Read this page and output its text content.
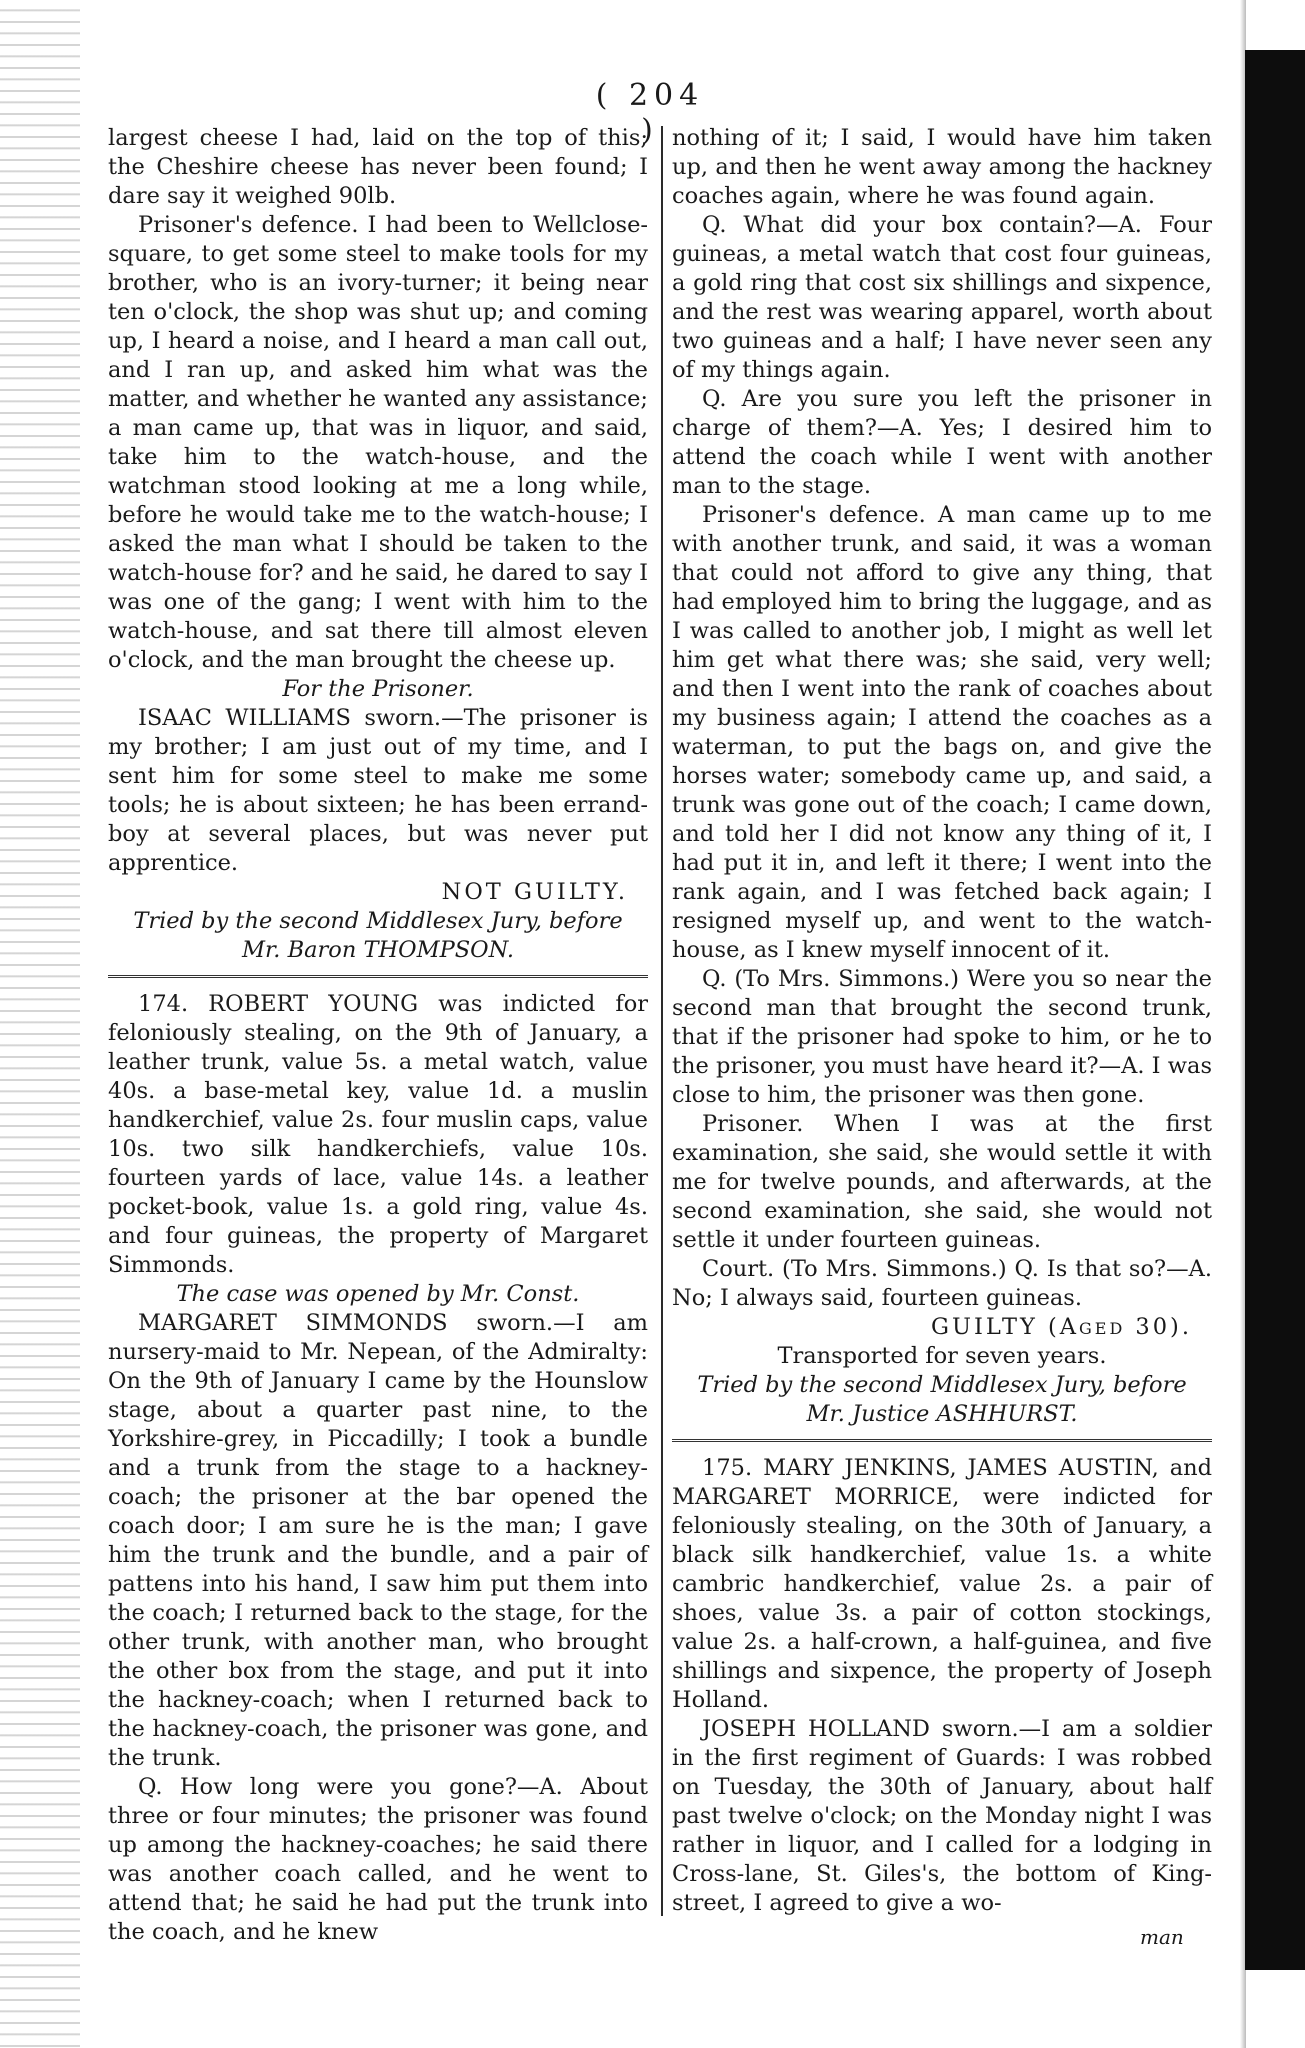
( 204 )

largest cheese I had, laid on the top of this; the Cheshire cheese has never been found; I dare say it weighed 90lb.

Prisoner's defence. I had been to Wellclose-square, to get some steel to make tools for my brother, who is an ivory-turner; it being near ten o'clock, the shop was shut up; and coming up, I heard a noise, and I heard a man call out, and I ran up, and asked him what was the matter, and whether he wanted any assistance; a man came up, that was in liquor, and said, take him to the watch-house, and the watchman stood looking at me a long while, before he would take me to the watch-house; I asked the man what I should be taken to the watch-house for? and he said, he dared to say I was one of the gang; I went with him to the watch-house, and sat there till almost eleven o'clock, and the man brought the cheese up.

For the Prisoner.

ISAAC WILLIAMS sworn.—The prisoner is my brother; I am just out of my time, and I sent him for some steel to make me some tools; he is about sixteen; he has been errand-boy at several places, but was never put apprentice.

NOT GUILTY.

Tried by the second Middlesex Jury, before

Mr. Baron THOMPSON.

174. ROBERT YOUNG was indicted for feloniously stealing, on the 9th of January, a leather trunk, value 5s. a metal watch, value 40s. a base-metal key, value 1d. a muslin handkerchief, value 2s. four muslin caps, value 10s. two silk handkerchiefs, value 10s. fourteen yards of lace, value 14s. a leather pocket-book, value 1s. a gold ring, value 4s. and four guineas, the property of Margaret Simmonds.

The case was opened by Mr. Const.

MARGARET SIMMONDS sworn.—I am nursery-maid to Mr. Nepean, of the Admiralty: On the 9th of January I came by the Hounslow stage, about a quarter past nine, to the Yorkshire-grey, in Piccadilly; I took a bundle and a trunk from the stage to a hackney-coach; the prisoner at the bar opened the coach door; I am sure he is the man; I gave him the trunk and the bundle, and a pair of pattens into his hand, I saw him put them into the coach; I returned back to the stage, for the other trunk, with another man, who brought the other box from the stage, and put it into the hackney-coach; when I returned back to the hackney-coach, the prisoner was gone, and the trunk.

Q. How long were you gone?—A. About three or four minutes; the prisoner was found up among the hackney-coaches; he said there was another coach called, and he went to attend that; he said he had put the trunk into the coach, and he knew

nothing of it; I said, I would have him taken up, and then he went away among the hackney coaches again, where he was found again.

Q. What did your box contain?—A. Four guineas, a metal watch that cost four guineas, a gold ring that cost six shillings and sixpence, and the rest was wearing apparel, worth about two guineas and a half; I have never seen any of my things again.

Q. Are you sure you left the prisoner in charge of them?—A. Yes; I desired him to attend the coach while I went with another man to the stage.

Prisoner's defence. A man came up to me with another trunk, and said, it was a woman that could not afford to give any thing, that had employed him to bring the luggage, and as I was called to another job, I might as well let him get what there was; she said, very well; and then I went into the rank of coaches about my business again; I attend the coaches as a waterman, to put the bags on, and give the horses water; somebody came up, and said, a trunk was gone out of the coach; I came down, and told her I did not know any thing of it, I had put it in, and left it there; I went into the rank again, and I was fetched back again; I resigned myself up, and went to the watch-house, as I knew myself innocent of it.

Q. (To Mrs. Simmons.) Were you so near the second man that brought the second trunk, that if the prisoner had spoke to him, or he to the prisoner, you must have heard it?—A. I was close to him, the prisoner was then gone.

Prisoner. When I was at the first examination, she said, she would settle it with me for twelve pounds, and afterwards, at the second examination, she said, she would not settle it under fourteen guineas.

Court. (To Mrs. Simmons.) Q. Is that so?—A. No; I always said, fourteen guineas.

GUILTY (Aged 30).

Transported for seven years.

Tried by the second Middlesex Jury, before

Mr. Justice ASHHURST.

175. MARY JENKINS, JAMES AUSTIN, and MARGARET MORRICE, were indicted for feloniously stealing, on the 30th of January, a black silk handkerchief, value 1s. a white cambric handkerchief, value 2s. a pair of shoes, value 3s. a pair of cotton stockings, value 2s. a half-crown, a half-guinea, and five shillings and sixpence, the property of Joseph Holland.

JOSEPH HOLLAND sworn.—I am a soldier in the first regiment of Guards: I was robbed on Tuesday, the 30th of January, about half past twelve o'clock; on the Monday night I was rather in liquor, and I called for a lodging in Cross-lane, St. Giles's, the bottom of King-street, I agreed to give a wo-

man
